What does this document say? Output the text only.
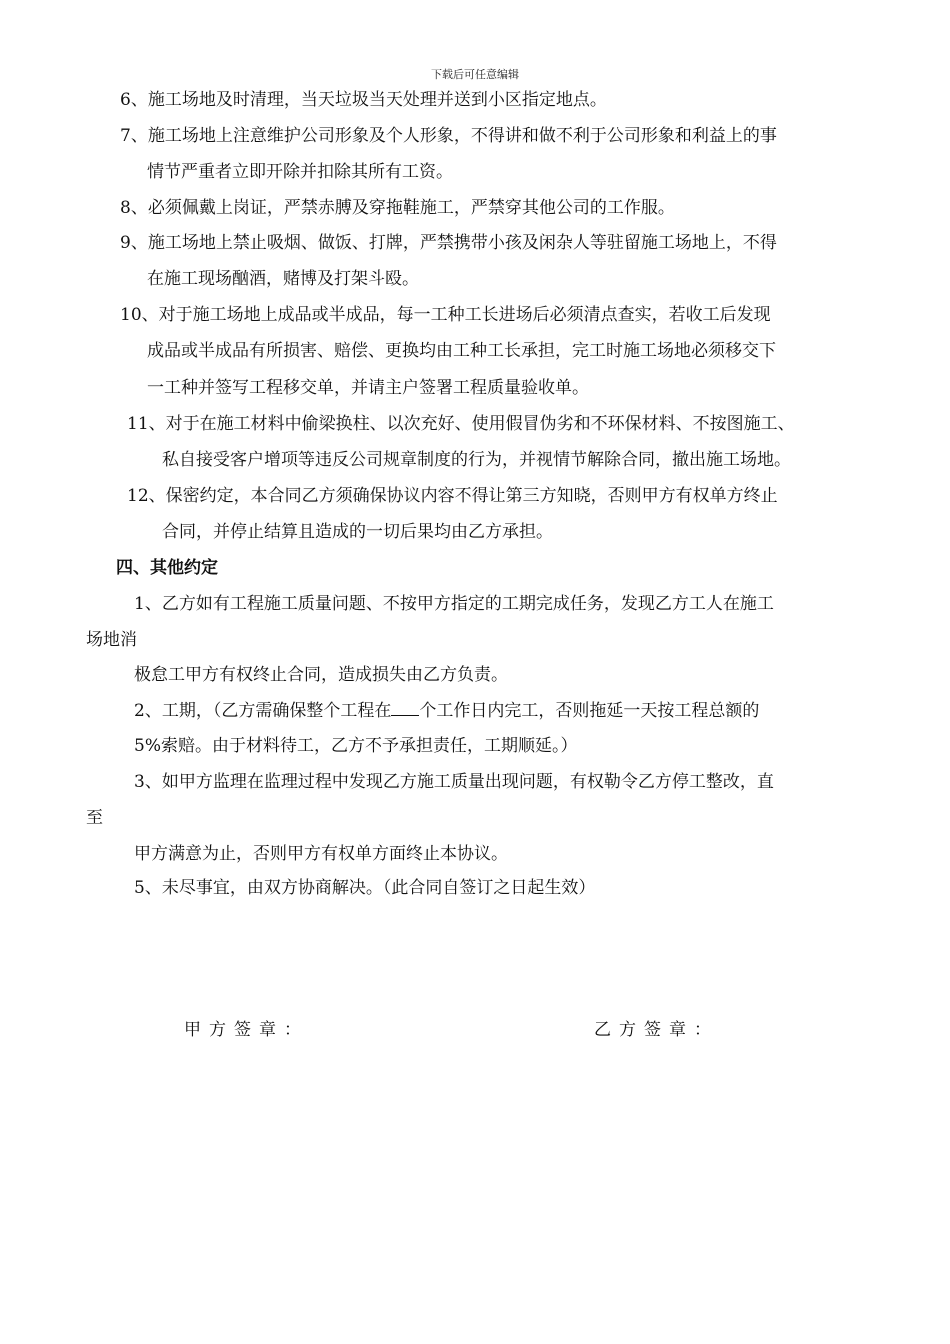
下载后可任意编辑
6、施工场地及时清理，当天垃圾当天处理并送到小区指定地点。
7、施工场地上注意维护公司形象及个人形象，不得讲和做不利于公司形象和利益上的事
情节严重者立即开除并扣除其所有工资。
8、必须佩戴上岗证，严禁赤膊及穿拖鞋施工，严禁穿其他公司的工作服。
9、施工场地上禁止吸烟、做饭、打牌，严禁携带小孩及闲杂人等驻留施工场地上，不得
在施工现场酗酒，赌博及打架斗殴。
10、对于施工场地上成品或半成品，每一工种工长进场后必须清点查实，若收工后发现
成品或半成品有所损害、赔偿、更换均由工种工长承担，完工时施工场地必须移交下
一工种并签写工程移交单，并请主户签署工程质量验收单。
11、对于在施工材料中偷梁换柱、以次充好、使用假冒伪劣和不环保材料、不按图施工、
私自接受客户增项等违反公司规章制度的行为，并视情节解除合同，撤出施工场地。
12、保密约定，本合同乙方须确保协议内容不得让第三方知晓，否则甲方有权单方终止
合同，并停止结算且造成的一切后果均由乙方承担。
四、其他约定
1、乙方如有工程施工质量问题、不按甲方指定的工期完成任务，发现乙方工人在施工
场地消
极怠工甲方有权终止合同，造成损失由乙方负责。
2、工期，（乙方需确保整个工程在 个工作日内完工，否则拖延一天按工程总额的
5%索赔。由于材料待工，乙方不予承担责任，工期顺延。）
3、如甲方监理在监理过程中发现乙方施工质量出现问题，有权勒令乙方停工整改，直
至
甲方满意为止，否则甲方有权单方面终止本协议。
5、未尽事宜，由双方协商解决。（此合同自签订之日起生效）
甲方签章：	乙方签章：
